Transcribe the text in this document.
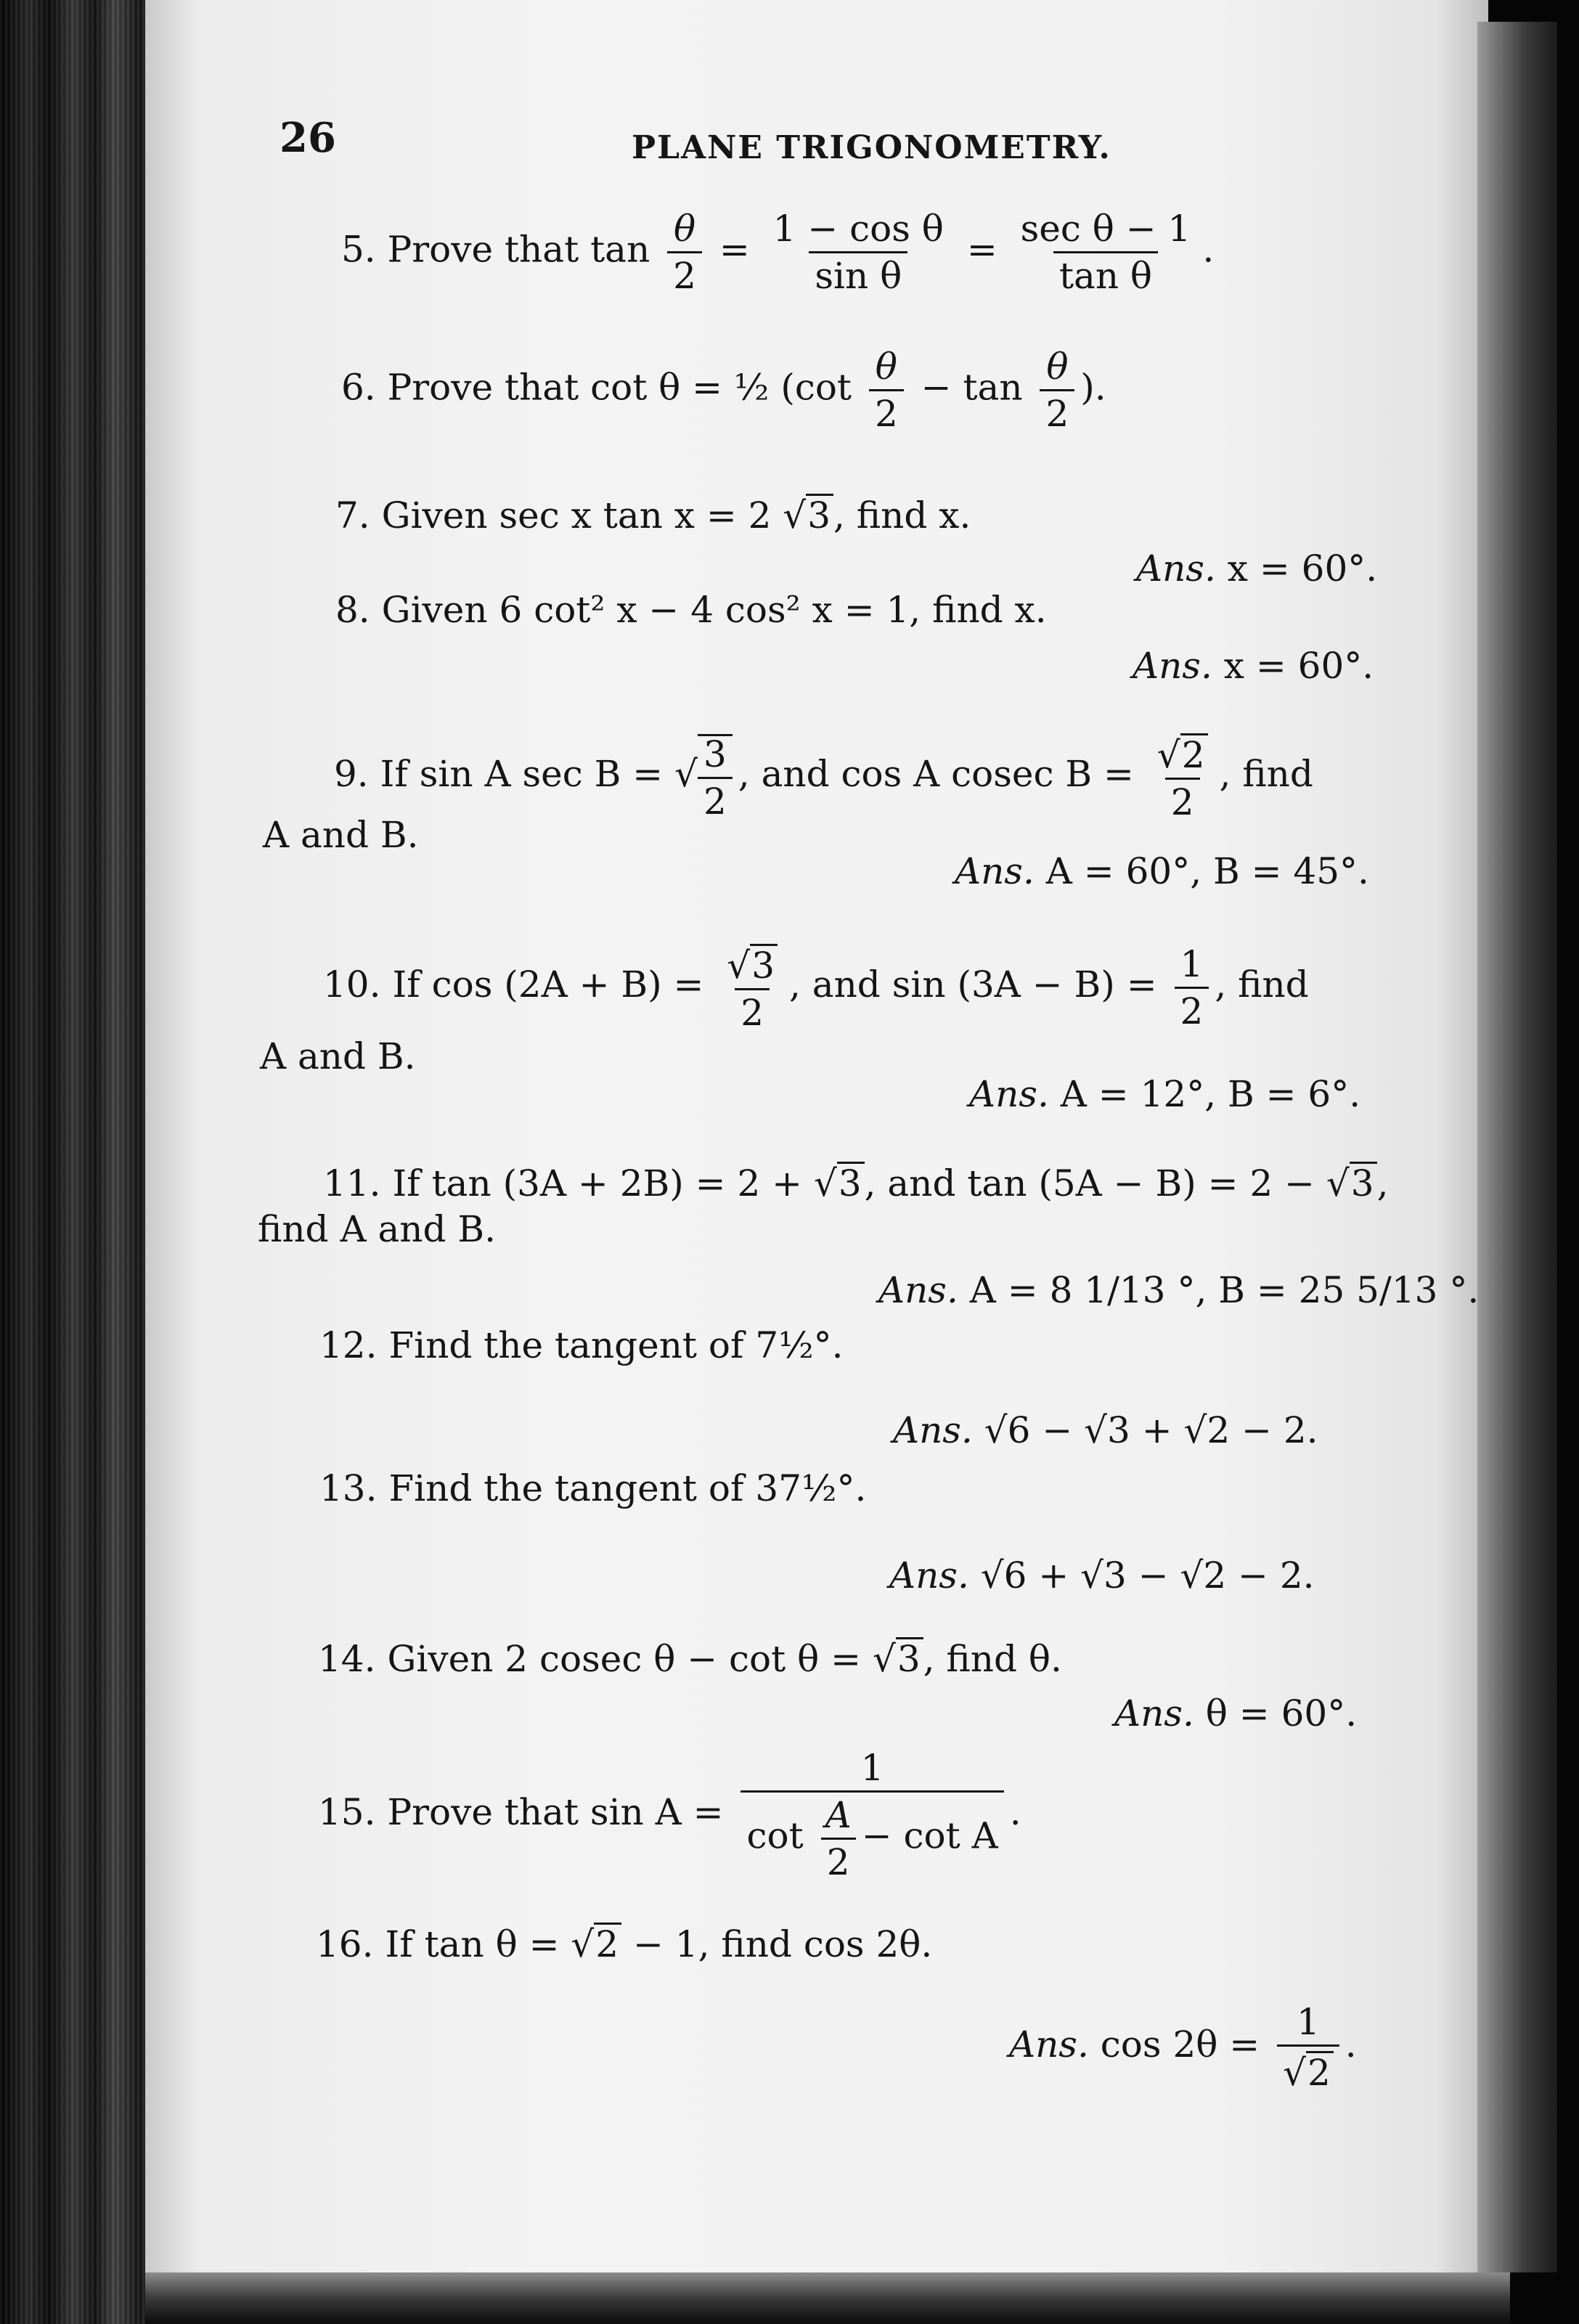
26	PLANE TRIGONOMETRY.
5. Prove that $\tan \frac{\theta}{2} = \frac{\text{1 − cos θ}}{\text{sin θ}} = \frac{\text{sec θ − 1}}{\text{tan θ}}$ .
6. Prove that cot θ = ½ ($\cot \frac{\theta}{2} - \tan \frac{\theta}{2}$ ).
7. Given sec x tan x = 2 √3, find x.
Ans. x = 60°.
8. Given 6 cot² x − 4 cos² x = 1, find x.
Ans. x = 60°.
9. If sin A sec B = √ $\frac{3}{2}$ , and cos A cosec $B = \frac{√2}{2}$ , find
A and B.
Ans. A = 60°, B = 45°.
10. If $\cos (2A + B) = \frac{√3}{2}$ , and $\sin (3A - B) = \frac{1}{2}$ , find
A and B.
Ans. A = 12°, B = 6°.
11. If tan (3A + 2B) = 2 + √3, and tan (5A − B) = 2 − √3,
find A and B.
Ans. A = 8 1/13 °, B = 25 5/13 °.
12. Find the tangent of 7½°.
Ans. √6 − √3 + √2 − 2.
13. Find the tangent of 37½°.
Ans. √6 + √3 − √2 − 2.
14. Given 2 cosec θ − cot θ = √3, find θ.
Ans. θ = 60°.
15. Prove that $\sin A = \frac{1}{\cot \frac{A}{2} - \cot A}$ .
16. If tan θ = √2 − 1, find cos 2θ.
Ans. $\cos 2\theta = \frac{1}{√2}$ .
